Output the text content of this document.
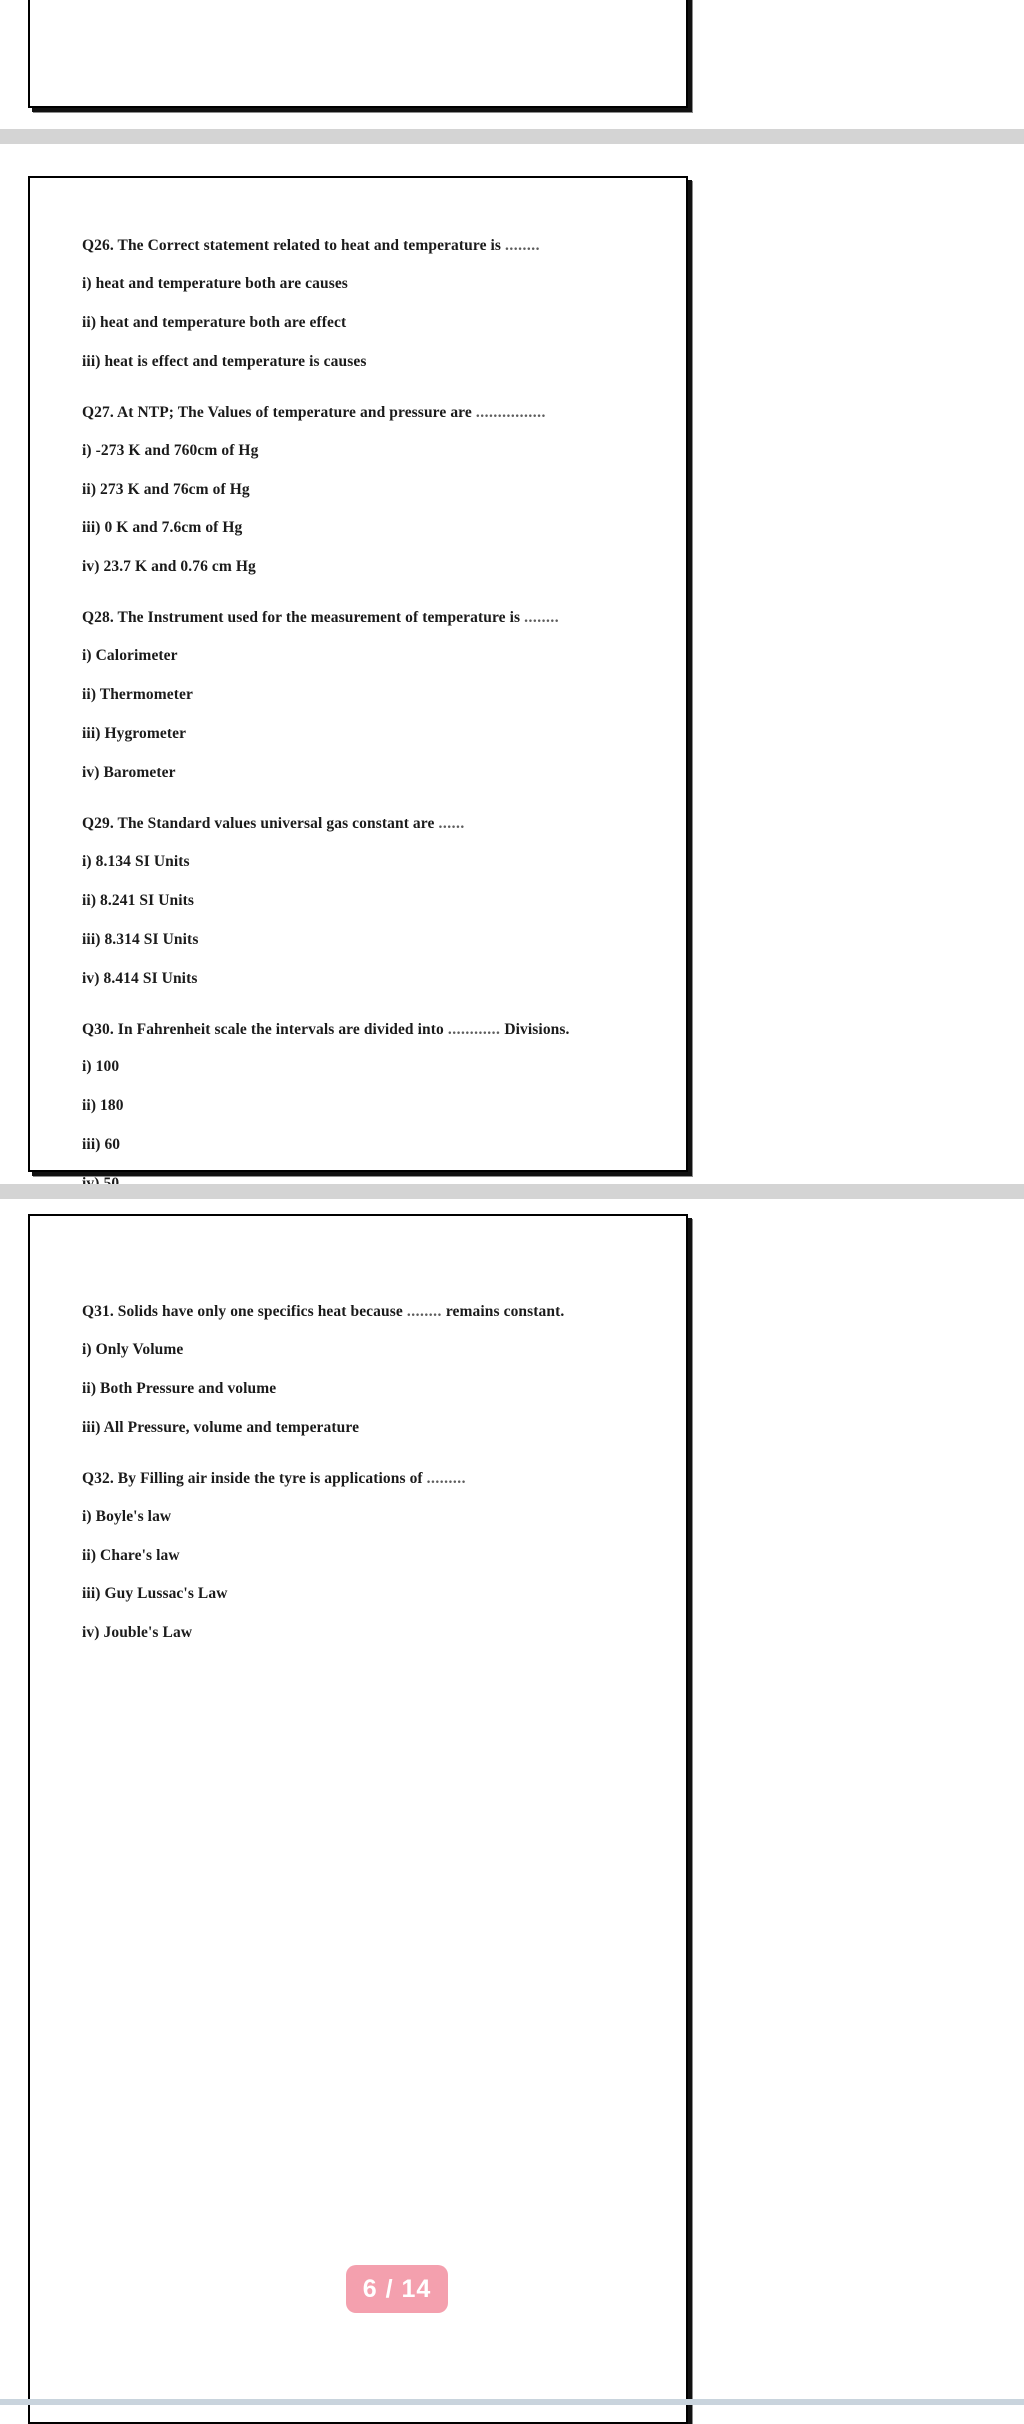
Q26. The Correct statement related to heat and temperature is ........

i) heat and temperature both are causes

ii) heat and temperature both are effect

iii) heat is effect and temperature is causes

Q27. At NTP; The Values of temperature and pressure are ................

i) -273 K and 760cm of Hg

ii) 273 K and 76cm of Hg

iii) 0 K and 7.6cm of Hg

iv) 23.7 K and 0.76 cm Hg

Q28. The Instrument used for the measurement of temperature is ........

i) Calorimeter

ii) Thermometer

iii) Hygrometer

iv) Barometer

Q29. The Standard values universal gas constant are ......

i) 8.134 SI Units

ii) 8.241 SI Units

iii) 8.314 SI Units

iv) 8.414 SI Units

Q30. In Fahrenheit scale the intervals are divided into ............ Divisions.

i) 100

ii) 180

iii) 60

Q31. Solids have only one specifics heat because ........ remains constant.

i) Only Volume

ii) Both Pressure and volume

iii) All Pressure, volume and temperature

Q32. By Filling air inside the tyre is applications of .........

i) Boyle's law

ii) Chare's law

iii) Guy Lussac's Law

iv) Jouble's Law

6 / 14
